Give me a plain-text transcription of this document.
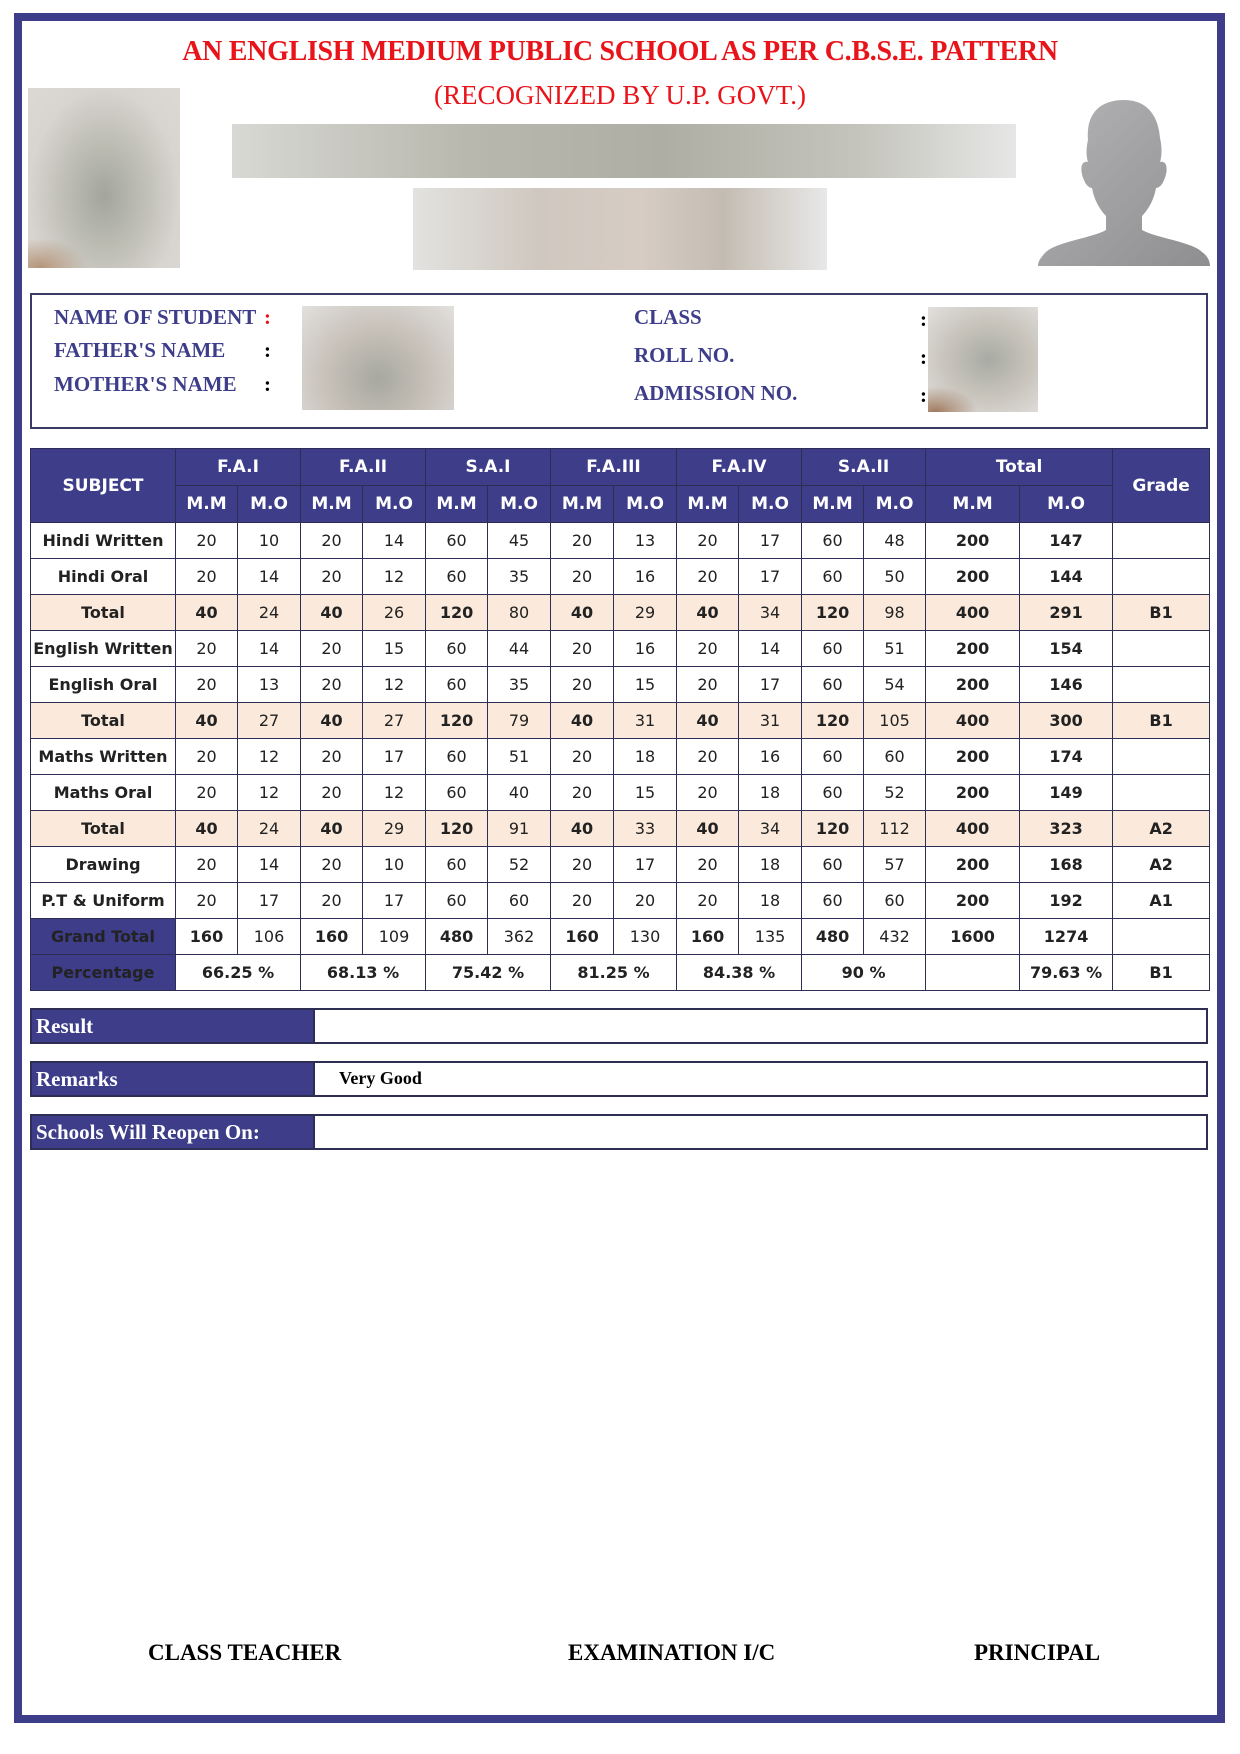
AN ENGLISH MEDIUM PUBLIC SCHOOL AS PER C.B.S.E. PATTERN
(RECOGNIZED BY U.P. GOVT.)
NAME OF STUDENT :
FATHER'S NAME :
MOTHER'S NAME :
CLASS	:
ROLL NO.	:
ADMISSION NO.	:
SUBJECT	F.A.I		F.A.II		S.A.I		F.A.III		F.A.IV		S.A.II		Total		Grade
	M.M	M.O	M.M	M.O	M.M	M.O	M.M	M.O	M.M	M.O	M.M	M.O	M.M	M.O	
Hindi Written	20	10	20	14	60	45	20	13	20	17	60	48	200	147	
Hindi Oral	20	14	20	12	60	35	20	16	20	17	60	50	200	144	
Total	40	24	40	26	120	80	40	29	40	34	120	98	400	291	B1
English Written	20	14	20	15	60	44	20	16	20	14	60	51	200	154	
English Oral	20	13	20	12	60	35	20	15	20	17	60	54	200	146	
Total	40	27	40	27	120	79	40	31	40	31	120	105	400	300	B1
Maths Written	20	12	20	17	60	51	20	18	20	16	60	60	200	174	
Maths Oral	20	12	20	12	60	40	20	15	20	18	60	52	200	149	
Total	40	24	40	29	120	91	40	33	40	34	120	112	400	323	A2
Drawing	20	14	20	10	60	52	20	17	20	18	60	57	200	168	A2
P.T & Uniform	20	17	20	17	60	60	20	20	20	18	60	60	200	192	A1
Grand Total	160	106	160	109	480	362	160	130	160	135	480	432	1600	1274	
Percentage	66.25 %		68.13 %		75.42 %		81.25 %		84.38 %		90 %			79.63 %	B1
Result
Remarks	Very Good
Schools Will Reopen On:
CLASS TEACHER	EXAMINATION I/C	PRINCIPAL
